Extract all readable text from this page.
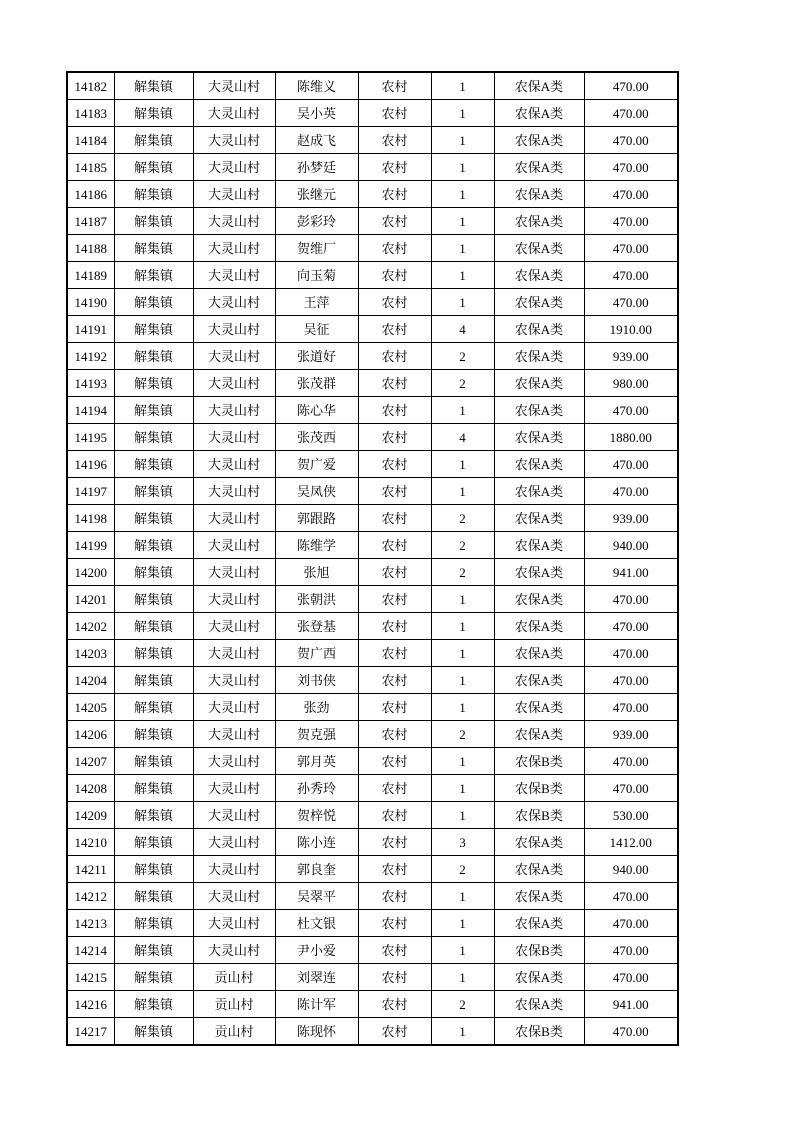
14182	解集镇	大灵山村	陈维义	农村	1	农保A类	470.00
14183	解集镇	大灵山村	吴小英	农村	1	农保A类	470.00
14184	解集镇	大灵山村	赵成飞	农村	1	农保A类	470.00
14185	解集镇	大灵山村	孙梦廷	农村	1	农保A类	470.00
14186	解集镇	大灵山村	张继元	农村	1	农保A类	470.00
14187	解集镇	大灵山村	彭彩玲	农村	1	农保A类	470.00
14188	解集镇	大灵山村	贺维厂	农村	1	农保A类	470.00
14189	解集镇	大灵山村	向玉菊	农村	1	农保A类	470.00
14190	解集镇	大灵山村	王萍	农村	1	农保A类	470.00
14191	解集镇	大灵山村	吴征	农村	4	农保A类	1910.00
14192	解集镇	大灵山村	张道好	农村	2	农保A类	939.00
14193	解集镇	大灵山村	张茂群	农村	2	农保A类	980.00
14194	解集镇	大灵山村	陈心华	农村	1	农保A类	470.00
14195	解集镇	大灵山村	张茂西	农村	4	农保A类	1880.00
14196	解集镇	大灵山村	贺广爱	农村	1	农保A类	470.00
14197	解集镇	大灵山村	吴凤侠	农村	1	农保A类	470.00
14198	解集镇	大灵山村	郭跟路	农村	2	农保A类	939.00
14199	解集镇	大灵山村	陈维学	农村	2	农保A类	940.00
14200	解集镇	大灵山村	张旭	农村	2	农保A类	941.00
14201	解集镇	大灵山村	张朝洪	农村	1	农保A类	470.00
14202	解集镇	大灵山村	张登基	农村	1	农保A类	470.00
14203	解集镇	大灵山村	贺广西	农村	1	农保A类	470.00
14204	解集镇	大灵山村	刘书侠	农村	1	农保A类	470.00
14205	解集镇	大灵山村	张劲	农村	1	农保A类	470.00
14206	解集镇	大灵山村	贺克强	农村	2	农保A类	939.00
14207	解集镇	大灵山村	郭月英	农村	1	农保B类	470.00
14208	解集镇	大灵山村	孙秀玲	农村	1	农保B类	470.00
14209	解集镇	大灵山村	贺梓悦	农村	1	农保B类	530.00
14210	解集镇	大灵山村	陈小连	农村	3	农保A类	1412.00
14211	解集镇	大灵山村	郭良奎	农村	2	农保A类	940.00
14212	解集镇	大灵山村	吴翠平	农村	1	农保A类	470.00
14213	解集镇	大灵山村	杜文银	农村	1	农保A类	470.00
14214	解集镇	大灵山村	尹小爱	农村	1	农保B类	470.00
14215	解集镇	贡山村	刘翠连	农村	1	农保A类	470.00
14216	解集镇	贡山村	陈计军	农村	2	农保A类	941.00
14217	解集镇	贡山村	陈现怀	农村	1	农保B类	470.00
